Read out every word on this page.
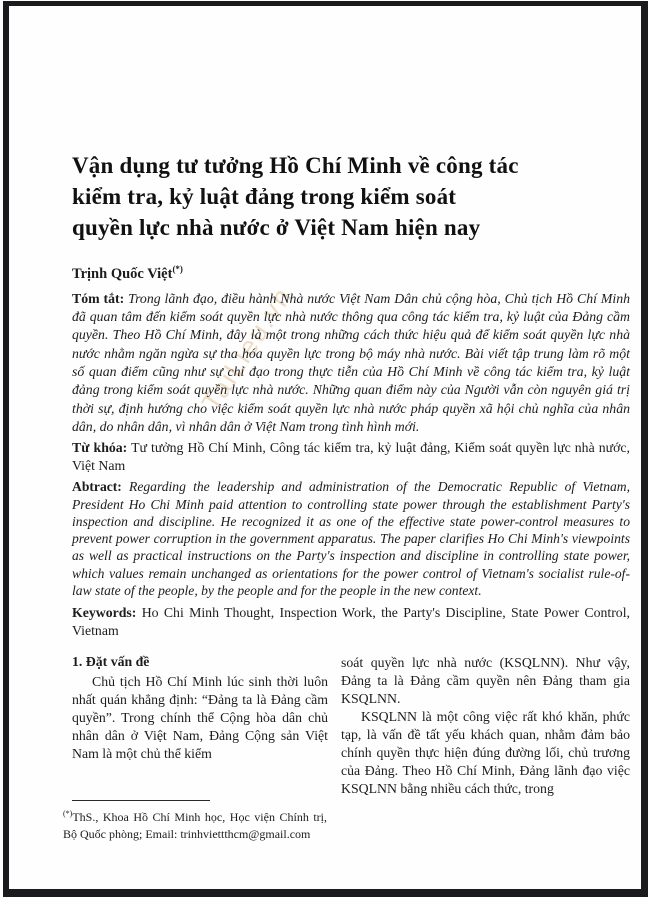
TaiLieu.vn
Vận dụng tư tưởng Hồ Chí Minh về công tác
kiểm tra, kỷ luật đảng trong kiểm soát
quyền lực nhà nước ở Việt Nam hiện nay
Trịnh Quốc Việt(*)
Tóm tắt: Trong lãnh đạo, điều hành Nhà nước Việt Nam Dân chủ cộng hòa, Chủ tịch Hồ Chí Minh đã quan tâm đến kiểm soát quyền lực nhà nước thông qua công tác kiểm tra, kỷ luật của Đảng cầm quyền. Theo Hồ Chí Minh, đây là một trong những cách thức hiệu quả để kiểm soát quyền lực nhà nước nhằm ngăn ngừa sự tha hóa quyền lực trong bộ máy nhà nước. Bài viết tập trung làm rõ một số quan điểm cũng như sự chỉ đạo trong thực tiễn của Hồ Chí Minh về công tác kiểm tra, kỷ luật đảng trong kiểm soát quyền lực nhà nước. Những quan điểm này của Người vẫn còn nguyên giá trị thời sự, định hướng cho việc kiểm soát quyền lực nhà nước pháp quyền xã hội chủ nghĩa của nhân dân, do nhân dân, vì nhân dân ở Việt Nam trong tình hình mới.
Từ khóa: Tư tưởng Hồ Chí Minh, Công tác kiểm tra, kỷ luật đảng, Kiểm soát quyền lực nhà nước, Việt Nam
Abtract: Regarding the leadership and administration of the Democratic Republic of Vietnam, President Ho Chi Minh paid attention to controlling state power through the establishment Party's inspection and discipline. He recognized it as one of the effective state power-control measures to prevent power corruption in the government apparatus. The paper clarifies Ho Chi Minh's viewpoints as well as practical instructions on the Party's inspection and discipline in controlling state power, which values remain unchanged as orientations for the power control of Vietnam's socialist rule-of-law state of the people, by the people and for the people in the new context.
Keywords: Ho Chi Minh Thought, Inspection Work, the Party's Discipline, State Power Control, Vietnam
1. Đặt vấn đề
Chủ tịch Hồ Chí Minh lúc sinh thời luôn nhất quán khẳng định: “Đảng ta là Đảng cầm quyền”. Trong chính thể Cộng hòa dân chủ nhân dân ở Việt Nam, Đảng Cộng sản Việt Nam là một chủ thể kiểm
soát quyền lực nhà nước (KSQLNN). Như vậy, Đảng ta là Đảng cầm quyền nên Đảng tham gia KSQLNN.
KSQLNN là một công việc rất khó khăn, phức tạp, là vấn đề tất yếu khách quan, nhằm đảm bảo chính quyền thực hiện đúng đường lối, chủ trương của Đảng. Theo Hồ Chí Minh, Đảng lãnh đạo việc KSQLNN bằng nhiều cách thức, trong
(*)ThS., Khoa Hồ Chí Minh học, Học viện Chính trị, Bộ Quốc phòng; Email: trinhviettthcm@gmail.com
